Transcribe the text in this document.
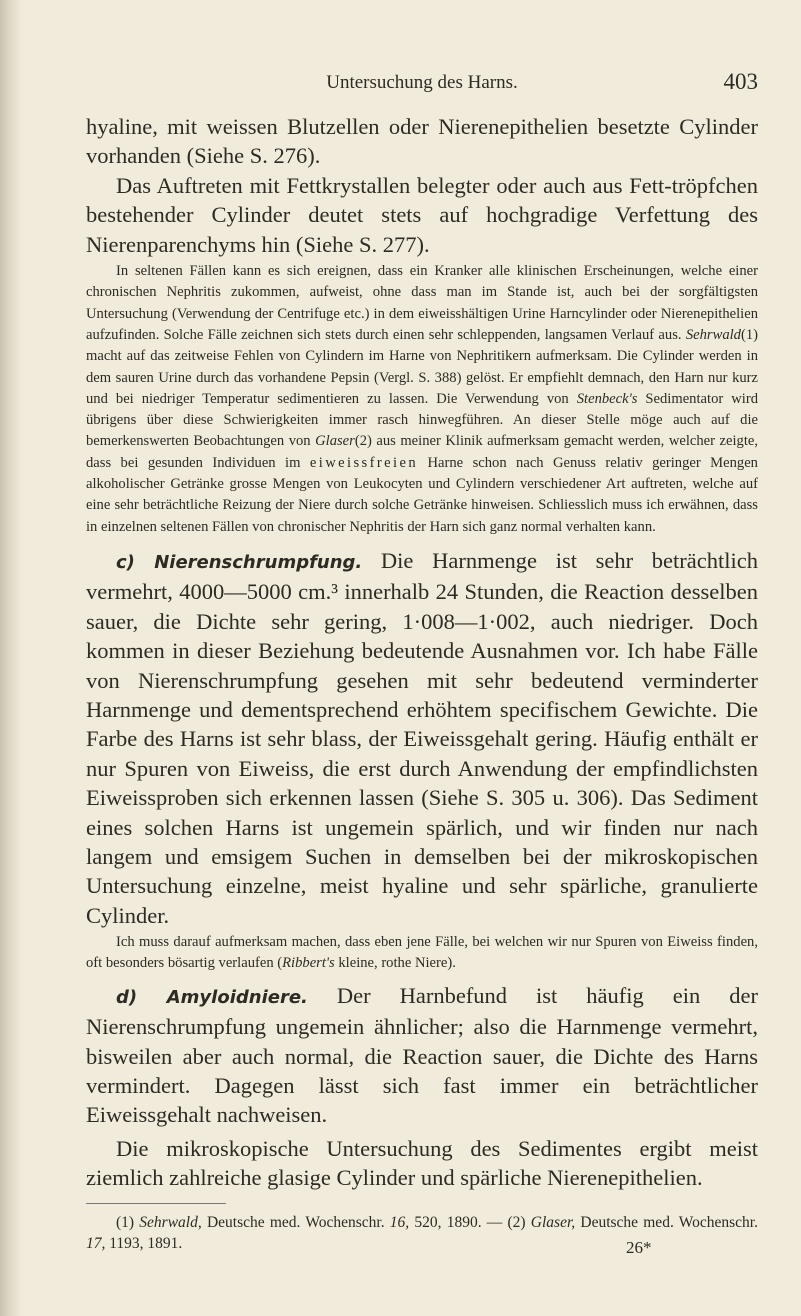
Untersuchung des Harns.	403

hyaline, mit weissen Blutzellen oder Nierenepithelien besetzte Cylinder vorhanden (Siehe S. 276).

Das Auftreten mit Fettkrystallen belegter oder auch aus Fett-tröpfchen bestehender Cylinder deutet stets auf hochgradige Verfettung des Nierenparenchyms hin (Siehe S. 277).

In seltenen Fällen kann es sich ereignen, dass ein Kranker alle klinischen Erscheinungen, welche einer chronischen Nephritis zukommen, aufweist, ohne dass man im Stande ist, auch bei der sorgfältigsten Untersuchung (Verwendung der Centrifuge etc.) in dem eiweisshältigen Urine Harncylinder oder Nierenepithelien aufzufinden. Solche Fälle zeichnen sich stets durch einen sehr schleppenden, langsamen Verlauf aus. Sehrwald(1) macht auf das zeitweise Fehlen von Cylindern im Harne von Nephritikern aufmerksam. Die Cylinder werden in dem sauren Urine durch das vorhandene Pepsin (Vergl. S. 388) gelöst. Er empfiehlt demnach, den Harn nur kurz und bei niedriger Temperatur sedimentieren zu lassen. Die Verwendung von Stenbeck's Sedimentator wird übrigens über diese Schwierigkeiten immer rasch hinwegführen. An dieser Stelle möge auch auf die bemerkenswerten Beobachtungen von Glaser(2) aus meiner Klinik aufmerksam gemacht werden, welcher zeigte, dass bei gesunden Individuen im eiweissfreien Harne schon nach Genuss relativ geringer Mengen alkoholischer Getränke grosse Mengen von Leukocyten und Cylindern verschiedener Art auftreten, welche auf eine sehr beträchtliche Reizung der Niere durch solche Getränke hinweisen. Schliesslich muss ich erwähnen, dass in einzelnen seltenen Fällen von chronischer Nephritis der Harn sich ganz normal verhalten kann.

c) Nierenschrumpfung. Die Harnmenge ist sehr beträchtlich vermehrt, 4000—5000 cm.³ innerhalb 24 Stunden, die Reaction desselben sauer, die Dichte sehr gering, 1·008—1·002, auch niedriger. Doch kommen in dieser Beziehung bedeutende Ausnahmen vor. Ich habe Fälle von Nierenschrumpfung gesehen mit sehr bedeutend verminderter Harnmenge und dementsprechend erhöhtem specifischem Gewichte. Die Farbe des Harns ist sehr blass, der Eiweissgehalt gering. Häufig enthält er nur Spuren von Eiweiss, die erst durch Anwendung der empfindlichsten Eiweissproben sich erkennen lassen (Siehe S. 305 u. 306). Das Sediment eines solchen Harns ist ungemein spärlich, und wir finden nur nach langem und emsigem Suchen in demselben bei der mikroskopischen Untersuchung einzelne, meist hyaline und sehr spärliche, granulierte Cylinder.

Ich muss darauf aufmerksam machen, dass eben jene Fälle, bei welchen wir nur Spuren von Eiweiss finden, oft besonders bösartig verlaufen (Ribbert's kleine, rothe Niere).

d) Amyloidniere. Der Harnbefund ist häufig ein der Nierenschrumpfung ungemein ähnlicher; also die Harnmenge vermehrt, bisweilen aber auch normal, die Reaction sauer, die Dichte des Harns vermindert. Dagegen lässt sich fast immer ein beträchtlicher Eiweissgehalt nachweisen.

Die mikroskopische Untersuchung des Sedimentes ergibt meist ziemlich zahlreiche glasige Cylinder und spärliche Nierenepithelien.

(1) Sehrwald, Deutsche med. Wochenschr. 16, 520, 1890. — (2) Glaser, Deutsche med. Wochenschr. 17, 1193, 1891.	26*
